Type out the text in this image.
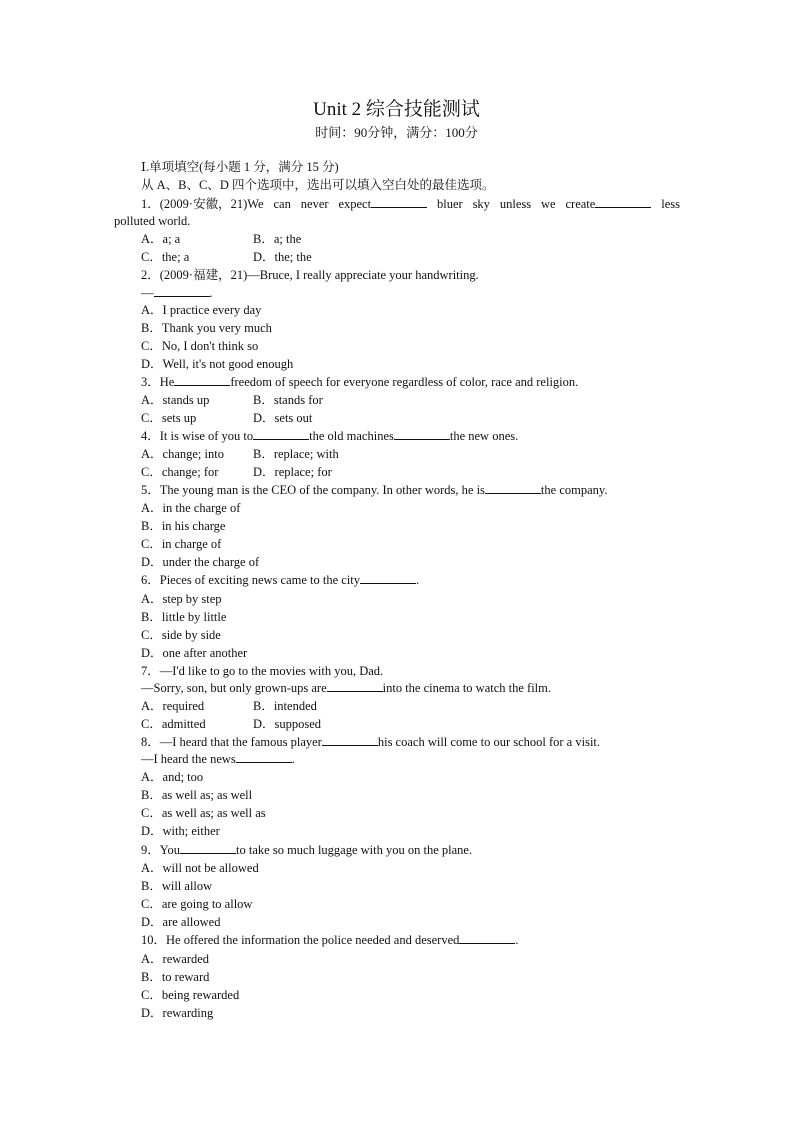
Unit 2 综合技能测试
时间：90分钟，满分：100分
Ⅰ.单项填空(每小题 1 分，满分 15 分)
从 A、B、C、D 四个选项中，选出可以填入空白处的最佳选项。
1．(2009·安徽，21)We can never expect	bluer sky unless we create	less
polluted world.
A．a; a	B．a; the
C．the; a	D．the; the
2．(2009·福建，21)—Bruce, I really appreciate your handwriting.
—	.
A．I practice every day
B．Thank you very much
C．No, I don't think so
D．Well, it's not good enough
3．He	freedom of speech for everyone regardless of color, race and religion.
A．stands up	B．stands for
C．sets up	D．sets out
4．It is wise of you to	the old machines	the new ones.
A．change; into B．replace; with
C．change; for	D．replace; for
5．The young man is the CEO of the company. In other words, he is	the company.
A．in the charge of
B．in his charge
C．in charge of
D．under the charge of
6．Pieces of exciting news came to the city	.
A．step by step
B．little by little
C．side by side
D．one after another
7．—I'd like to go to the movies with you, Dad.
—Sorry, son, but only grown-ups are	into the cinema to watch the film.
A．required	B．intended
C．admitted	D．supposed
8．—I heard that the famous player	his coach will come to our school for a visit.
—I heard the news	.
A．and; too
B．as well as; as well
C．as well as; as well as
D．with; either
9．You	to take so much luggage with you on the plane.
A．will not be allowed
B．will allow
C．are going to allow
D．are allowed
10．He offered the information the police needed and deserved	.
A．rewarded
B．to reward
C．being rewarded
D．rewarding
